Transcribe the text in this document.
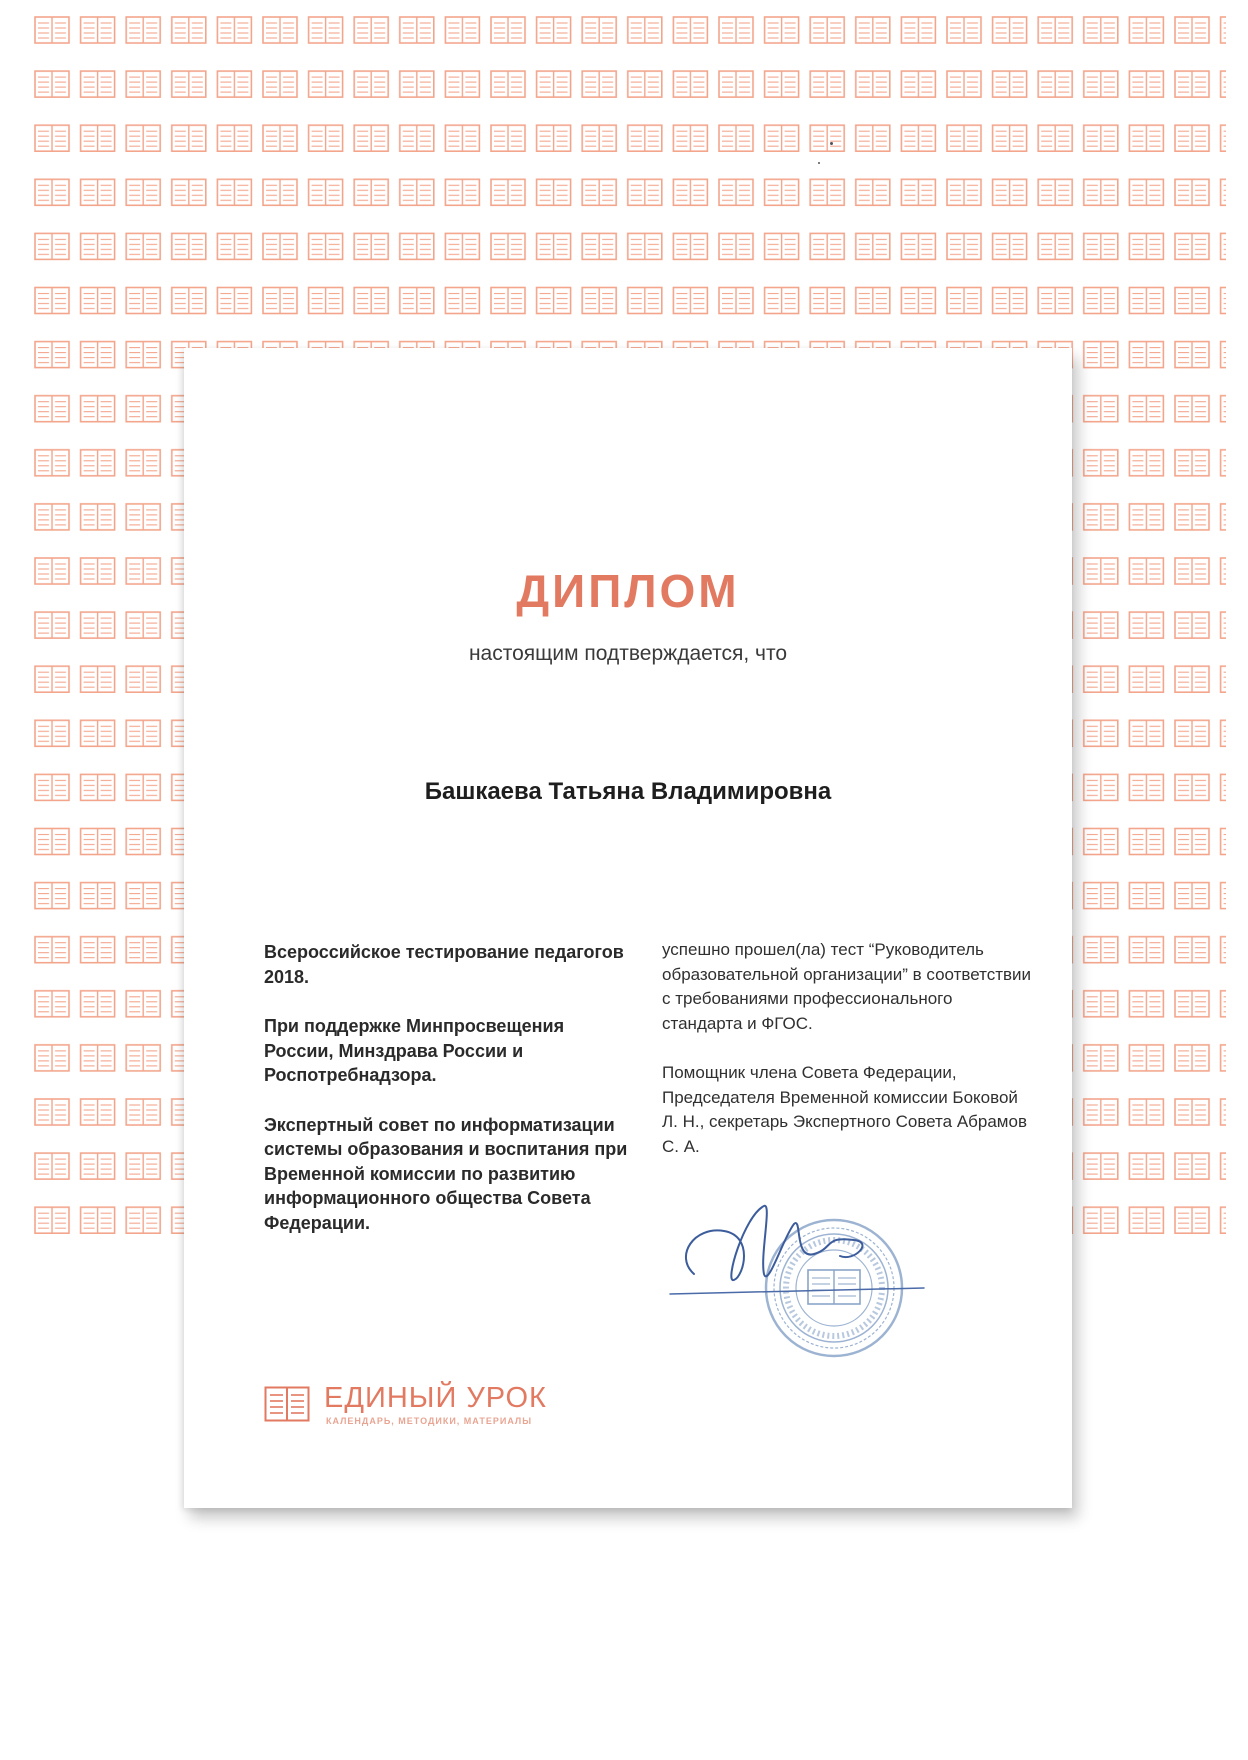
ДИПЛОМ
настоящим подтверждается, что
Башкаева Татьяна Владимировна

Всероссийское тестирование педагогов 2018.

При поддержке Минпросвещения России, Минздрава России и Роспотребнадзора.

Экспертный совет по информатизации системы образования и воспитания при Временной комиссии по развитию информационного общества Совета Федерации.

успешно прошел(ла) тест “Руководитель образовательной организации” в соответствии с требованиями профессионального стандарта и ФГОС.

Помощник члена Совета Федерации, Председателя Временной комиссии Боковой Л. Н., секретарь Экспертного Совета Абрамов С. А.

ЕДИНЫЙ УРОК
КАЛЕНДАРЬ, МЕТОДИКИ, МАТЕРИАЛЫ
